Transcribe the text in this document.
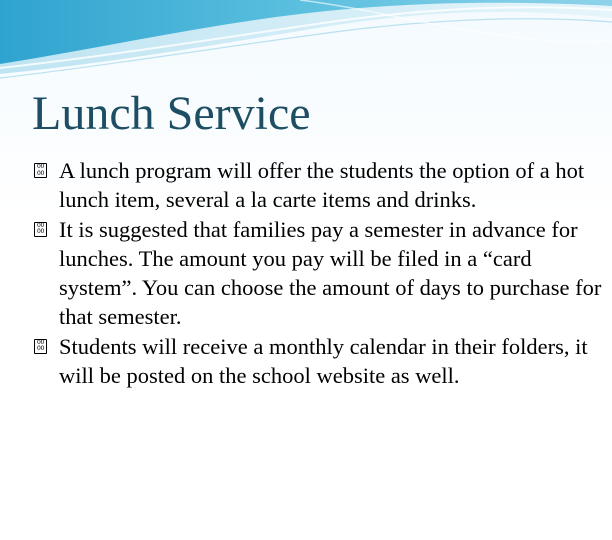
Lunch Service
00
00 A lunch program will offer the students the option of a hot lunch item, several a la carte items and drinks.
00
00 It is suggested that families pay a semester in advance for lunches. The amount you pay will be filed in a “card system”. You can choose the amount of days to purchase for that semester.
00
00 Students will receive a monthly calendar in their folders, it will be posted on the school website as well.
